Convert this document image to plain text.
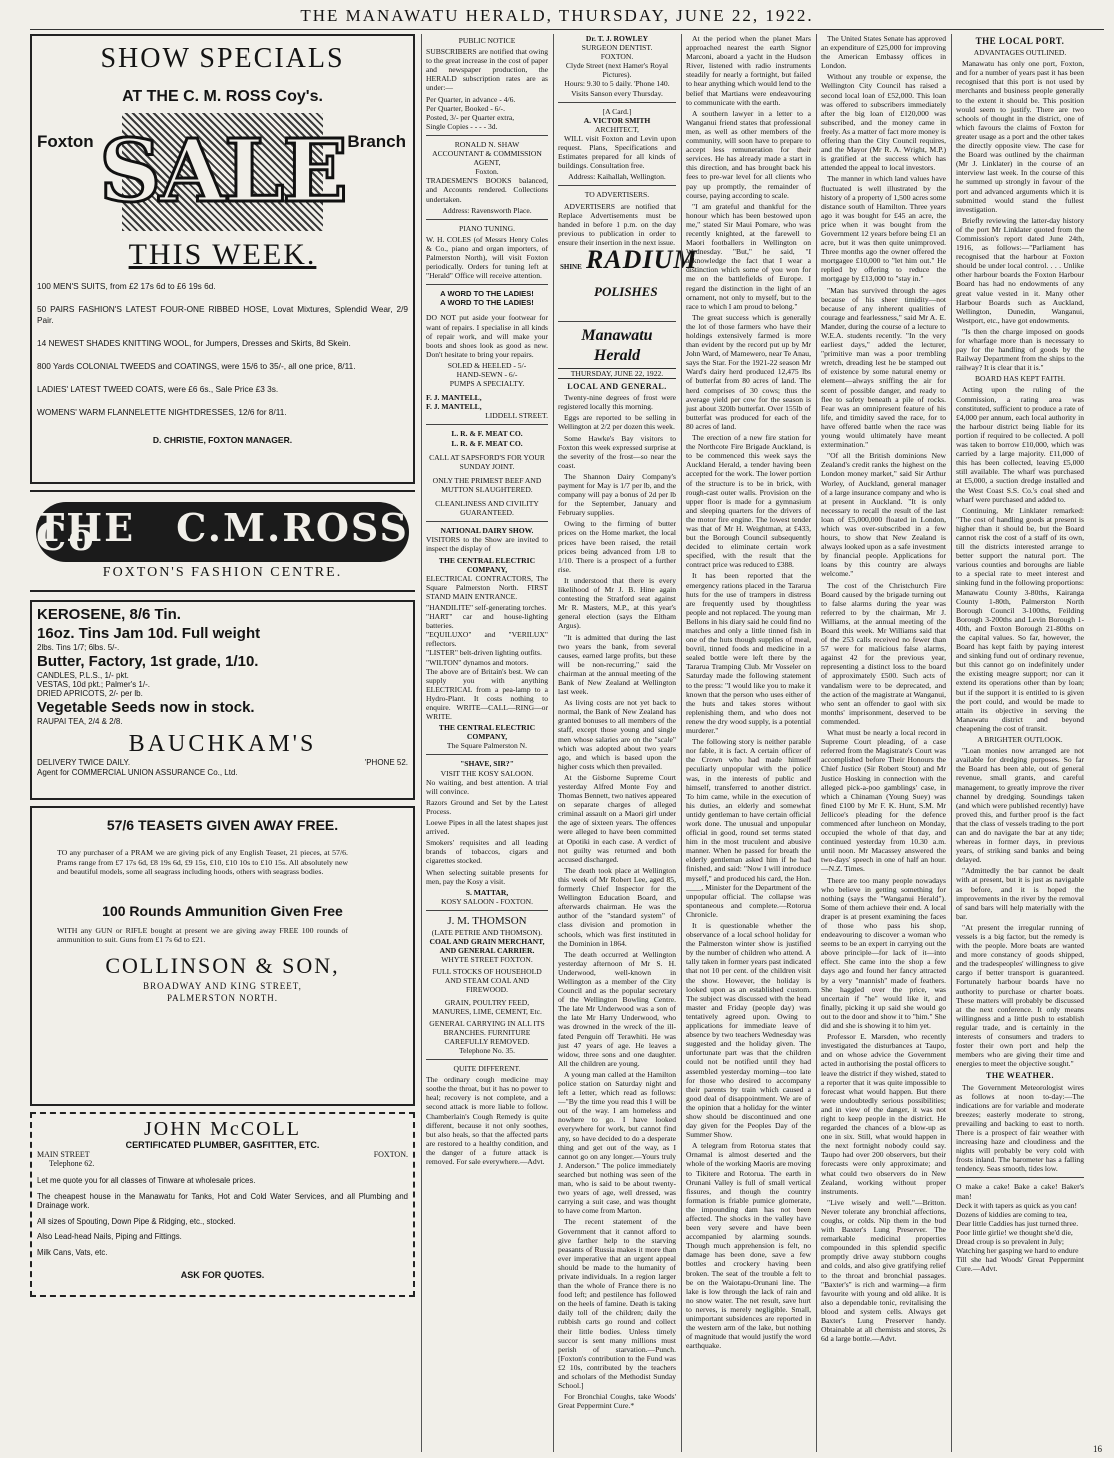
THE MANAWATU HERALD, THURSDAY, JUNE 22, 1922.
SHOW SPECIALS
AT THE C. M. ROSS Coy's.
Foxton	Branch
SALE
THIS WEEK.
100 MEN'S SUITS, from £2 17s 6d to £6 19s 6d.
50 PAIRS FASHION'S LATEST FOUR-ONE RIBBED HOSE, Lovat Mixtures, Splendid Wear, 2/9 Pair.
14 NEWEST SHADES KNITTING WOOL, for Jumpers, Dresses and Skirts, 8d Skein.
800 Yards COLONIAL TWEEDS and COATINGS, were 15/6 to 35/-, all one price, 8/11.
LADIES' LATEST TWEED COATS, were £6 6s., Sale Price £3 3s.
WOMENS' WARM FLANNELETTE NIGHTDRESSES, 12/6 for 8/11.
D. CHRISTIE, FOXTON MANAGER.
THE C.M.ROSS Co
FOXTON'S FASHION CENTRE.
KEROSENE, 8/6 Tin.
16oz. Tins Jam 10d. Full weight
2lbs. Tins 1/7; 6lbs. 5/-.
Butter, Factory, 1st grade, 1/10.
CANDLES, P.L.S., 1/- pkt.
VESTAS, 10d pkt.; Palmer's 1/-.
DRIED APRICOTS, 2/- per lb.
Vegetable Seeds now in stock.
RAUPAI TEA, 2/4 & 2/8.
BAUCHKAM'S
DELIVERY TWICE DAILY.	'PHONE 52.
Agent for COMMERCIAL UNION ASSURANCE Co., Ltd.
57/6 TEASETS GIVEN AWAY FREE.

TO any purchaser of a PRAM we are giving pick of any English Teaset, 21 pieces, at 57/6. Prams range from £7 17s 6d, £8 19s 6d, £9 15s, £10, £10 10s to £10 15s. All absolutely new and beautiful models, some all seagrass including hoods, others with seagrass bodies.

100 Rounds Ammunition Given Free

WITH any GUN or RIFLE bought at present we are giving away FREE 100 rounds of ammunition to suit. Guns from £1 7s 6d to £21.

COLLINSON & SON,
BROADWAY AND KING STREET,
PALMERSTON NORTH.
JOHN McCOLL
CERTIFICATED PLUMBER, GASFITTER, ETC.
MAIN STREET	FOXTON.
Telephone 62.
Let me quote you for all classes of Tinware at wholesale prices.
The cheapest house in the Manawatu for Tanks, Hot and Cold Water Services, and all Plumbing and Drainage work.
All sizes of Spouting, Down Pipe & Ridging, etc., stocked.
Also Lead-head Nails, Piping and Fittings.
Milk Cans, Vats, etc.
ASK FOR QUOTES.
PUBLIC NOTICE

SUBSCRIBERS are notified that owing to the great increase in the cost of paper and newspaper production, the HERALD subscription rates are as under:—

Per Quarter, in advance - 4/6.
Per Quarter, Booked - 6/-.
Posted, 3/- per Quarter extra,
Single Copies - - - - 3d.
RONALD N. SHAW
ACCOUNTANT & COMMISSION AGENT,
Foxton.

TRADESMEN'S BOOKS balanced, and Accounts rendered. Collections undertaken.

Address: Ravensworth Place.
PIANO TUNING.

W. H. COLES (of Messrs Henry Coles & Co., piano and organ importers, of Palmerston North), will visit Foxton periodically. Orders for tuning left at "Herald" Office will receive attention.

A WORD TO THE LADIES!
A WORD TO THE LADIES!

DO NOT put aside your footwear for want of repairs. I specialise in all kinds of repair work, and will make your boots and shoes look as good as new. Don't hesitate to bring your repairs.

SOLED & HEELED - 5/-
HAND-SEWN - 6/-
PUMPS A SPECIALTY.
F. J. MANTELL,
F. J. MANTELL,
LIDDELL STREET.
L. R. & F. MEAT CO.
L. R. & F. MEAT CO.
CALL AT SAPSFORD'S FOR YOUR SUNDAY JOINT.
ONLY THE PRIMEST BEEF AND MUTTON SLAUGHTERED.
CLEANLINESS AND CIVILITY GUARANTEED.
NATIONAL DAIRY SHOW.

VISITORS to the Show are invited to inspect the display of

THE CENTRAL ELECTRIC COMPANY,

ELECTRICAL CONTRACTORS, The Square Palmerston North. FIRST STAND MAIN ENTRANCE.

"HANDILITE" self-generating torches.
"HART" car and house-lighting batteries.
"EQUILUXO" and "VERILUX" reflectors.
"LISTER" belt-driven lighting outfits.
"WILTON" dynamos and motors.

The above are of Britain's best. We can supply you with anything ELECTRICAL from a pea-lamp to a Hydro-Plant. It costs nothing to enquire. WRITE—CALL—RING—or WRITE.

THE CENTRAL ELECTRIC COMPANY,
The Square Palmerston N.
"SHAVE, SIR?"
VISIT THE KOSY SALOON.

No waiting, and best attention. A trial will convince.

Razors Ground and Set by the Latest Process.

Loewe Pipes in all the latest shapes just arrived.

Smokers' requisites and all leading brands of tobaccos, cigars and cigarettes stocked.

When selecting suitable presents for men, pay the Kosy a visit.

S. MATTAR,
KOSY SALOON - FOXTON.
J. M. THOMSON
(LATE PETRIE AND THOMSON).
COAL AND GRAIN MERCHANT, AND GENERAL CARRIER.
WHYTE STREET FOXTON.
FULL STOCKS OF HOUSEHOLD AND STEAM COAL AND FIREWOOD.
GRAIN, POULTRY FEED, MANURES, LIME, CEMENT, Etc.
GENERAL CARRYING IN ALL ITS BRANCHES. FURNITURE CAREFULLY REMOVED.
Telephone No. 35.
QUITE DIFFERENT.

The ordinary cough medicine may soothe the throat, but it has no power to heal; recovery is not complete, and a second attack is more liable to follow. Chamberlain's Cough Remedy is quite different, because it not only soothes, but also heals, so that the affected parts are restored to a healthy condition, and the danger of a future attack is removed. For sale everywhere.—Advt.

Dr. T. J. ROWLEY
SURGEON DENTIST.
FOXTON.
Clyde Street (next Hamer's Royal Pictures).
Hours: 9.30 to 5 daily. 'Phone 140.
Visits Sanson every Thursday.
[A Card.]
A. VICTOR SMITH
ARCHITECT,

WILL visit Foxton and Levin upon request. Plans, Specifications and Estimates prepared for all kinds of buildings. Consultation free.

Address: Kaihallah, Wellington.
TO ADVERTISERS.

ADVERTISERS are notified that Replace Advertisements must be handed in before 1 p.m. on the day previous to publication in order to ensure their insertion in the next issue.

SHINE RADIUM
POLISHES
Manawatu Herald
THURSDAY, JUNE 22, 1922.
LOCAL AND GENERAL.

Twenty-nine degrees of frost were registered locally this morning.

Eggs are reported to be selling in Wellington at 2/2 per dozen this week.

Some Hawke's Bay visitors to Foxton this week expressed surprise at the severity of the frost—so near the coast.

The Shannon Dairy Company's payment for May is 1/7 per lb, and the company will pay a bonus of 2d per lb for the September, January and February supplies.

Owing to the firming of butter prices on the Home market, the local prices have been raised, the retail prices being advanced from 1/8 to 1/10. There is a prospect of a further rise.

It understood that there is every likelihood of Mr J. B. Hine again contesting the Stratford seat against Mr R. Masters, M.P., at this year's general election (says the Eltham Argus).

"It is admitted that during the last two years the bank, from several causes, earned large profits, but these will be non-recurring," said the chairman at the annual meeting of the Bank of New Zealand at Wellington last week.

As living costs are not yet back to normal, the Bank of New Zealand has granted bonuses to all members of the staff, except those young and single men whose salaries are on the "scale" which was adopted about two years ago, and which is based upon the higher costs which then prevailed.

At the Gisborne Supreme Court yesterday Alfred Monte Foy and Thomas Bennett, two natives appeared on separate charges of alleged criminal assault on a Maori girl under the age of sixteen years. The offences were alleged to have been committed at Opotiki in each case. A verdict of not guilty was returned and both accused discharged.

The death took place at Wellington this week of Mr Robert Lee, aged 85, formerly Chief Inspector for the Wellington Education Board, and afterwards chairman. He was the author of the "standard system" of class division and promotion in schools, which was first instituted in the Dominion in 1864.

The death occurred at Wellington yesterday afternoon of Mr S. H. Underwood, well-known in Wellington as a member of the City Council and as the popular secretary of the Wellington Bowling Centre. The late Mr Underwood was a son of the late Mr Harry Underwood, who was drowned in the wreck of the ill-fated Penguin off Terawhiti. He was just 47 years of age. He leaves a widow, three sons and one daughter. All the children are young.

A young man called at the Hamilton police station on Saturday night and left a letter, which read as follows:—"By the time you read this I will be out of the way. I am homeless and nowhere to go. I have looked everywhere for work, but cannot find any, so have decided to do a desperate thing and get out of the way, as I cannot go on any longer.—Yours truly J. Anderson." The police immediately searched but nothing was seen of the man, who is said to be about twenty-two years of age, well dressed, was carrying a suit case, and was thought to have come from Marton.

The recent statement of the Government that it cannot afford to give farther help to the starving peasants of Russia makes it more than ever imperative that an urgent appeal should be made to the humanity of private individuals. In a region larger than the whole of France there is no food left; and pestilence has followed on the heels of famine. Death is taking daily toll of the children; daily the rubbish carts go round and collect their little bodies. Unless timely succor is sent many millions must perish of starvation.—Punch. [Foxton's contribution to the Fund was £2 10s, contributed by the teachers and scholars of the Methodist Sunday School.]

For Bronchial Coughs, take Woods' Great Peppermint Cure.*

At the period when the planet Mars approached nearest the earth Signor Marconi, aboard a yacht in the Hudson River, listened with radio instruments steadily for nearly a fortnight, but failed to hear anything which would lend to the belief that Martians were endeavouring to communicate with the earth.

A southern lawyer in a letter to a Wanganui friend states that professional men, as well as other members of the community, will soon have to prepare to accept less remuneration for their services. He has already made a start in this direction, and has brought back his fees to pre-war level for all clients who pay up promptly, the remainder of course, paying according to scale.

"I am grateful and thankful for the honour which has been bestowed upon me," stated Sir Maui Pomare, who was recently knighted, at the farewell to Maori footballers in Wellington on Wednesday. "But," he said, "I acknowledge the fact that I wear a distinction which some of you won for me on the battlefields of Europe. I regard the distinction in the light of an ornament, not only to myself, but to the race to which I am proud to belong."

The great success which is generally the lot of those farmers who have their holdings extensively farmed is more than evident by the record put up by Mr John Ward, of Mamewero, near Te Anau, says the Star. For the 1921-22 season Mr Ward's dairy herd produced 12,475 lbs of butterfat from 80 acres of land. The herd comprises of 30 cows; thus the average yield per cow for the season is just about 320lb butterfat. Over 155lb of butterfat was produced for each of the 80 acres of land.

The erection of a new fire station for the Northcote Fire Brigade Auckland, is to be commenced this week says the Auckland Herald, a tender having been accepted for the work. The lower portion of the structure is to be in brick, with rough-cast outer walls. Provision on the upper floor is made for a gymnasium and sleeping quarters for the drivers of the motor fire engine. The lowest tender was that of Mr H. Weightman, at £433, but the Borough Council subsequently decided to eliminate certain work specified, with the result that the contract price was reduced to £388.

It has been reported that the emergency rations placed in the Tararua huts for the use of trampers in distress are frequently used by thoughtless people and not replaced. The young man Bellons in his diary said he could find no matches and only a little tinned fish in one of the huts though supplies of meal, bovril, tinned foods and medicine in a sealed bottle were left there by the Tararua Tramping Club. Mr Vosseler on Saturday made the following statement to the press: "I would like you to make it known that the person who uses either of the huts and takes stores without replenishing them, and who does not renew the dry wood supply, is a potential murderer."

The following story is neither parable nor fable, it is fact. A certain officer of the Crown who had made himself peculiarly unpopular with the police was, in the interests of public and himself, transferred to another district. To him came, while in the execution of his duties, an elderly and somewhat untidy gentleman to have certain official work done. The unusual and unpopular official in good, round set terms stated him in the most truculent and abusive manner. When he passed for breath the elderly gentleman asked him if he had finished, and said: "Now I will introduce myself," and produced his card, the Hon. ____, Minister for the Department of the unpopular official. The collapse was spontaneous and complete.—Rotorua Chronicle.

It is questionable whether the observance of a local school holiday for the Palmerston winter show is justified by the number of children who attend. A tally taken in former years past indicated that not 10 per cent. of the children visit the show. However, the holiday is looked upon as an established custom. The subject was discussed with the head master and Friday (people day) was tentatively agreed upon. Owing to applications for immediate leave of absence by two teachers Wednesday was suggested and the holiday given. The unfortunate part was that the children could not be notified until they had assembled yesterday morning—too late for those who desired to accompany their parents by train which caused a good deal of disappointment. We are of the opinion that a holiday for the winter show should be discontinued and one day given for the Peoples Day of the Summer Show.

A telegram from Rotorua states that Ornamal is almost deserted and the whole of the working Maoris are moving to Tikitere and Rotorua. The earth in Orunani Valley is full of small vertical fissures, and though the country formation is friable pumice glomerate, the impounding dam has not been affected. The shocks in the valley have been very severe and have been accompanied by alarming sounds. Though much apprehension is felt, no damage has been done, save a few bottles and crockery having been broken. The seat of the trouble a felt to be on the Waiotapu-Orunani line. The lake is low through the lack of rain and no snow water. The net result, save hurt to nerves, is merely negligible. Small, unimportant subsidences are reported in the western arm of the lake, but nothing of magnitude that would justify the word earthquake.

The United States Senate has approved an expenditure of £25,000 for improving the American Embassy offices in London.

Without any trouble or expense, the Wellington City Council has raised a second local loan of £52,000. This loan was offered to subscribers immediately after the big loan of £120,000 was subscribed, and the money came in freely. As a matter of fact more money is offering than the City Council requires, and the Mayor (Mr R. A. Wright, M.P.) is gratified at the success which has attended the appeal to local investors.

The manner in which land values have fluctuated is well illustrated by the history of a property of 1,500 acres some distance south of Hamilton. Three years ago it was bought for £45 an acre, the price when it was bought from the Government 12 years before being £1 an acre, but it was then quite unimproved. Three months ago the owner offered the mortgagee £10,000 to "let him out." He replied by offering to reduce the mortgage by £13,000 to "stay in."

"Man has survived through the ages because of his sheer timidity—not because of any inherent qualities of courage and fearlessness," said Mr A. E. Mander, during the course of a lecture to W.E.A. students recently. "In the very earliest days," added the lecturer, "primitive man was a poor trembling wretch, dreading lest he be stamped out of existence by some natural enemy or element—always sniffing the air for scent of possible danger, and ready to flee to safety beneath a pile of rocks. Fear was an omnipresent feature of his life, and timidity saved the race, for to have offered battle when the race was young would ultimately have meant extermination."

"Of all the British dominions New Zealand's credit ranks the highest on the London money market," said Sir Arthur Worley, of Auckland, general manager of a large insurance company and who is at present in Auckland. "It is only necessary to recall the result of the last loan of £5,000,000 floated in London, which was over-subscribed in a few hours, to show that New Zealand is always looked upon as a safe investment by financial people. Applications for loans by this country are always welcome."

The cost of the Christchurch Fire Board caused by the brigade turning out to false alarms during the year was referred to by the chairman, Mr J. Williams, at the annual meeting of the Board this week. Mr Williams said that of the 253 calls received no fewer than 57 were for malicious false alarms, against 42 for the previous year, representing a distinct loss to the board of approximately £500. Such acts of vandalism were to be deprecated, and the action of the magistrate at Wanganui, who sent an offender to gaol with six months' imprisonment, deserved to be commended.

What must be nearly a local record in Supreme Court pleading, of a case referred from the Magistrate's Court was accomplished before Their Honours the Chief Justice (Sir Robert Stout) and Mr Justice Hosking in connection with the alleged pick-a-poo gamblings' case, in which a Chinaman (Young Suey) was fined £100 by Mr F. K. Hunt, S.M. Mr Jellicoe's pleading for the defence commenced after luncheon on Monday, occupied the whole of that day, and continued yesterday from 10.30 a.m. until noon. Mr Macassey answered the two-days' speech in one of half an hour.—N.Z. Times.

There are too many people nowadays who believe in getting something for nothing (says the "Wanganui Herald"). Some of them achieve their end. A local draper is at present examining the faces of those who pass his shop, endeavouring to discover a woman who seems to be an expert in carrying out the above principle—for lack of it—into effect. She came into the shop a few days ago and found her fancy attracted by a very "mannish" made of feathers. She haggled over the price, was uncertain if "he" would like it, and finally, picking it up said she would go out to the door and show it to "him." She did and she is showing it to him yet.

Professor E. Marsden, who recently investigated the disturbances at Taupo, and on whose advice the Government acted in authorising the postal officers to leave the district if they wished, stated to a reporter that it was quite impossible to forecast what would happen. But there were undoubtedly serious possibilities; and in view of the danger, it was not right to keep people in the district. He regarded the chances of a blow-up as one in six. Still, what would happen in the next fortnight nobody could say. Taupo had over 200 observers, but their forecasts were only approximate; and what could two observers do in New Zealand, working without proper instruments.

"Live wisely and well."—Britton. Never tolerate any bronchial affections, coughs, or colds. Nip them in the bud with Baxter's Lung Preserver. The remarkable medicinal properties compounded in this splendid specific promptly drive away stubborn coughs and colds, and also give gratifying relief to the throat and bronchial passages. "Baxter's" is rich and warming—a firm favourite with young and old alike. It is also a dependable tonic, revitalising the blood and system cells. Always get Baxter's Lung Preserver handy. Obtainable at all chemists and stores, 2s 6d a large bottle.—Advt.

THE LOCAL PORT.
ADVANTAGES OUTLINED.

Manawatu has only one port, Foxton, and for a number of years past it has been recognised that this port is not used by merchants and business people generally to the extent it should be. This position would seem to justify. There are two schools of thought in the district, one of which favours the claims of Foxton for greater usage as a port and the other takes the directly opposite view. The case for the Board was outlined by the chairman (Mr J. Linklater) in the course of an interview last week. In the course of this he summed up strongly in favour of the port and advanced arguments which it is submitted would stand the fullest investigation.

Briefly reviewing the latter-day history of the port Mr Linklater quoted from the Commission's report dated June 24th, 1916, as follows:—"Parliament has recognised that the harbour at Foxton should be under local control. . . . Unlike other harbour boards the Foxton Harbour Board has had no endowments of any great value vested in it. Many other Harbour Boards such as Auckland, Wellington, Dunedin, Wanganui, Westport, etc., have got endowments.

"Is then the charge imposed on goods for wharfage more than is necessary to pay for the handling of goods by the Railway Department from the ships to the railway? It is clear that it is."

BOARD HAS KEPT FAITH.

Acting upon the ruling of the Commission, a rating area was constituted, sufficient to produce a rate of £4,000 per annum, each local authority in the harbour district being liable for its portion if required to be collected. A poll was taken to borrow £10,000, which was carried by a large majority. £11,000 of this has been collected, leaving £5,000 still available. The wharf was purchased at £5,000, a suction dredge installed and the West Coast S.S. Co.'s coal shed and wharf were purchased and added to.

Continuing, Mr Linklater remarked: "The cost of handling goods at present is higher than it should be, but the Board cannot risk the cost of a staff of its own, till the districts interested arrange to better support the natural port. The various counties and boroughs are liable to a special rate to meet interest and sinking fund in the following proportions: Manawatu County 3-80ths, Kairanga County 1-80th, Palmerston North Borough Council 3-100ths, Feilding Borough 3-200ths and Levin Borough 1-40th, and Foxton Borough 21-80ths on the capital values. So far, however, the Board has kept faith by paying interest and sinking fund out of ordinary revenue, but this cannot go on indefinitely under the existing meagre support; nor can it extend its operations other than by loan; but if the support it is entitled to is given the port could, and would be made to attain its objective in serving the Manawatu district and beyond cheapening the cost of transit.

A BRIGHTER OUTLOOK.

"Loan monies now arranged are not available for dredging purposes. So far the Board has been able, out of general revenue, small grants, and careful management, to greatly improve the river channel by dredging. Soundings taken (and which were published recently) have proved this, and further proof is the fact that the class of vessels trading to the port can and do navigate the bar at any tide; whereas in former days, in previous years, of striking sand banks and being delayed.

"Admittedly the bar cannot be dealt with at present, but it is just as navigable as before, and it is hoped the improvements in the river by the removal of sand bars will help materially with the bar.

"At present the irregular running of vessels is a big factor, but the remedy is with the people. More boats are wanted and more constancy of goods shipped, and the tradespeoples' willingness to give cargo if better transport is guaranteed. Fortunately harbour boards have no authority to purchase or charter boats. These matters will probably be discussed at the next conference. It only means willingness and a little push to establish regular trade, and is certainly in the interests of consumers and traders to foster their own port and help the members who are giving their time and energies to meet the objective sought."

THE WEATHER.

The Government Meteorologist wires as follows at noon to-day:—The indications are for variable and moderate breezes; easterly moderate to strong, prevailing and backing to east to north. There is a prospect of fair weather with increasing haze and cloudiness and the nights will probably be very cold with frosts inland. The barometer has a falling tendency. Seas smooth, tides low.

O make a cake! Bake a cake! Baker's man!
Deck it with tapers as quick as you can!
Dozens of kiddies are coming to tea,
Dear little Caddies has just turned three.
Poor little girlie! we thought she'd die,
Dread croup is so prevalent in July;
Watching her gasping we hard to endure
Till she had Woods' Great Peppermint Cure.—Advt.
16
